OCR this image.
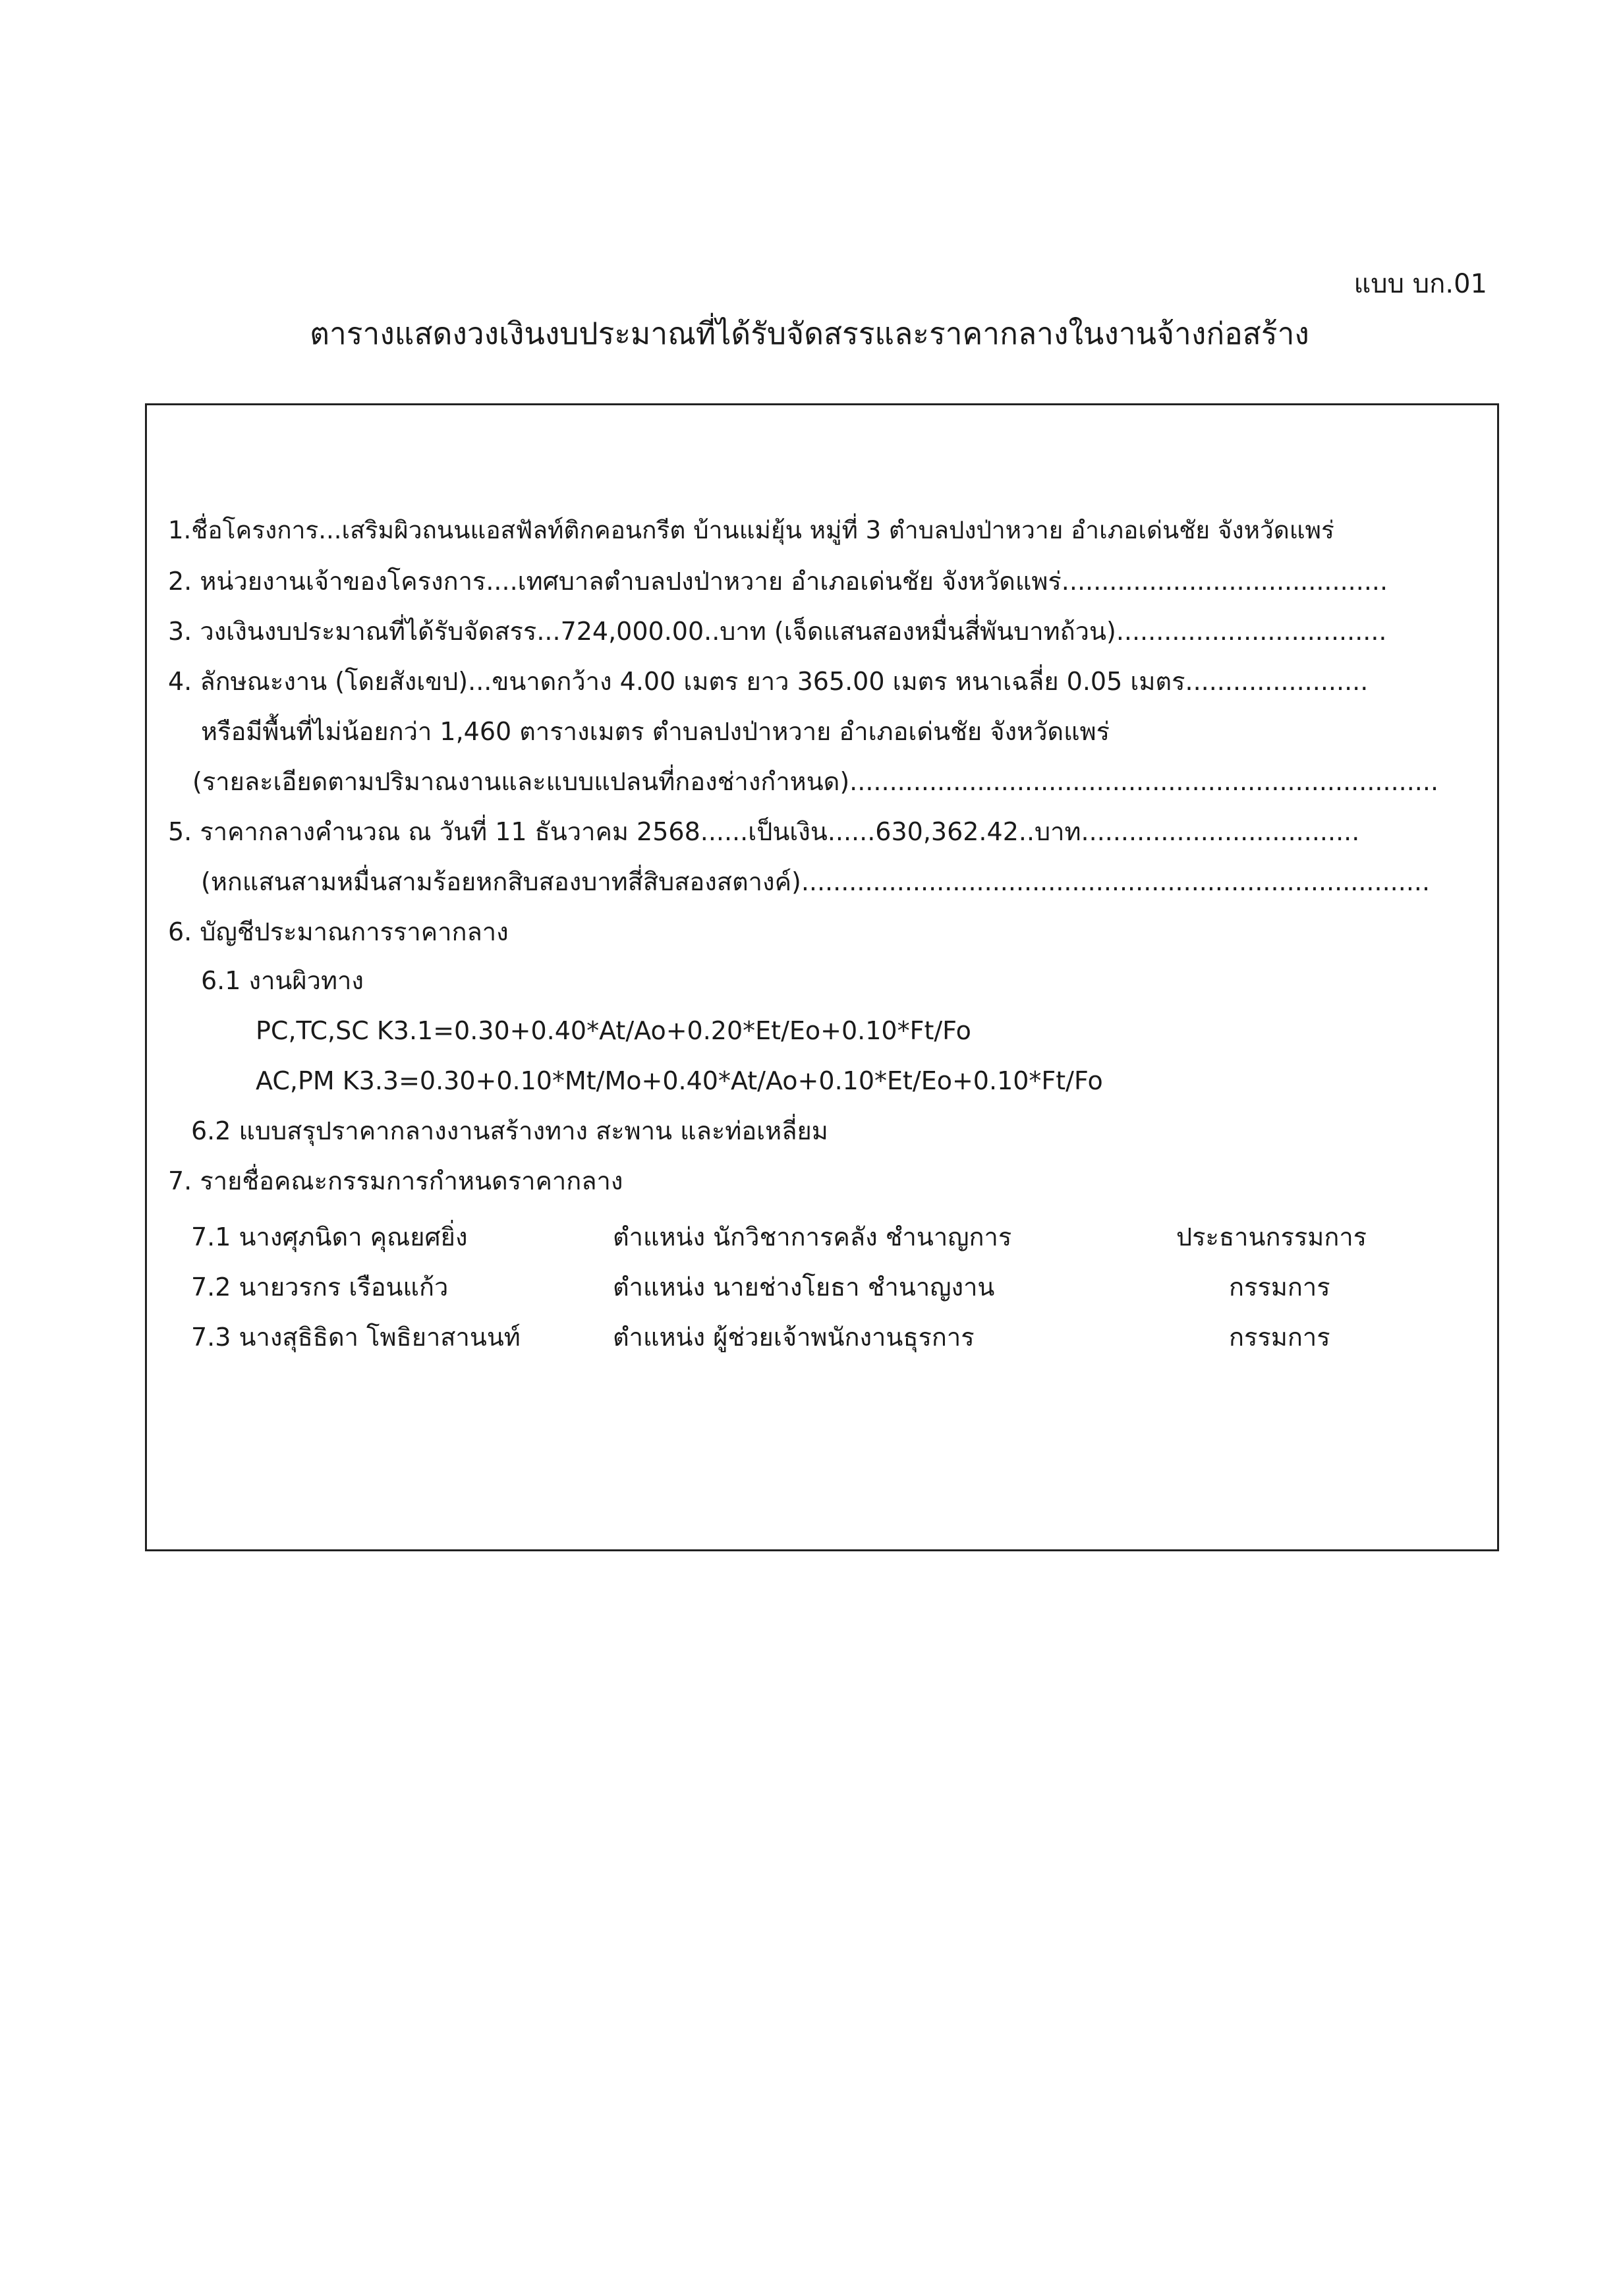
แบบ บก.01
ตารางแสดงวงเงินงบประมาณที่ได้รับจัดสรรและราคากลางในงานจ้างก่อสร้าง
1.ชื่อโครงการ...เสริมผิวถนนแอสฟัลท์ติกคอนกรีต บ้านแม่ยุ้น หมู่ที่ 3 ตำบลปงป่าหวาย อำเภอเด่นชัย จังหวัดแพร่
2. หน่วยงานเจ้าของโครงการ....เทศบาลตำบลปงป่าหวาย อำเภอเด่นชัย จังหวัดแพร่.........................................
3. วงเงินงบประมาณที่ได้รับจัดสรร...724,000.00..บาท (เจ็ดแสนสองหมื่นสี่พันบาทถ้วน)..................................
4. ลักษณะงาน (โดยสังเขป)...ขนาดกว้าง 4.00 เมตร ยาว 365.00 เมตร หนาเฉลี่ย 0.05 เมตร.......................
หรือมีพื้นที่ไม่น้อยกว่า 1,460 ตารางเมตร ตำบลปงป่าหวาย อำเภอเด่นชัย จังหวัดแพร่
(รายละเอียดตามปริมาณงานและแบบแปลนที่กองช่างกำหนด)..........................................................................
5. ราคากลางคำนวณ ณ วันที่ 11 ธันวาคม 2568......เป็นเงิน......630,362.42..บาท...................................
(หกแสนสามหมื่นสามร้อยหกสิบสองบาทสี่สิบสองสตางค์)...............................................................................
6. บัญชีประมาณการราคากลาง
6.1 งานผิวทาง
PC,TC,SC K3.1=0.30+0.40*At/Ao+0.20*Et/Eo+0.10*Ft/Fo
AC,PM K3.3=0.30+0.10*Mt/Mo+0.40*At/Ao+0.10*Et/Eo+0.10*Ft/Fo
6.2 แบบสรุปราคากลางงานสร้างทาง สะพาน และท่อเหลี่ยม
7. รายชื่อคณะกรรมการกำหนดราคากลาง
7.1 นางศุภนิดา คุณยศยิ่ง	ตำแหน่ง นักวิชาการคลัง ชำนาญการ	ประธานกรรมการ
7.2 นายวรกร เรือนแก้ว	ตำแหน่ง นายช่างโยธา ชำนาญงาน	กรรมการ
7.3 นางสุธิธิดา โพธิยาสานนท์	ตำแหน่ง ผู้ช่วยเจ้าพนักงานธุรการ	กรรมการ
